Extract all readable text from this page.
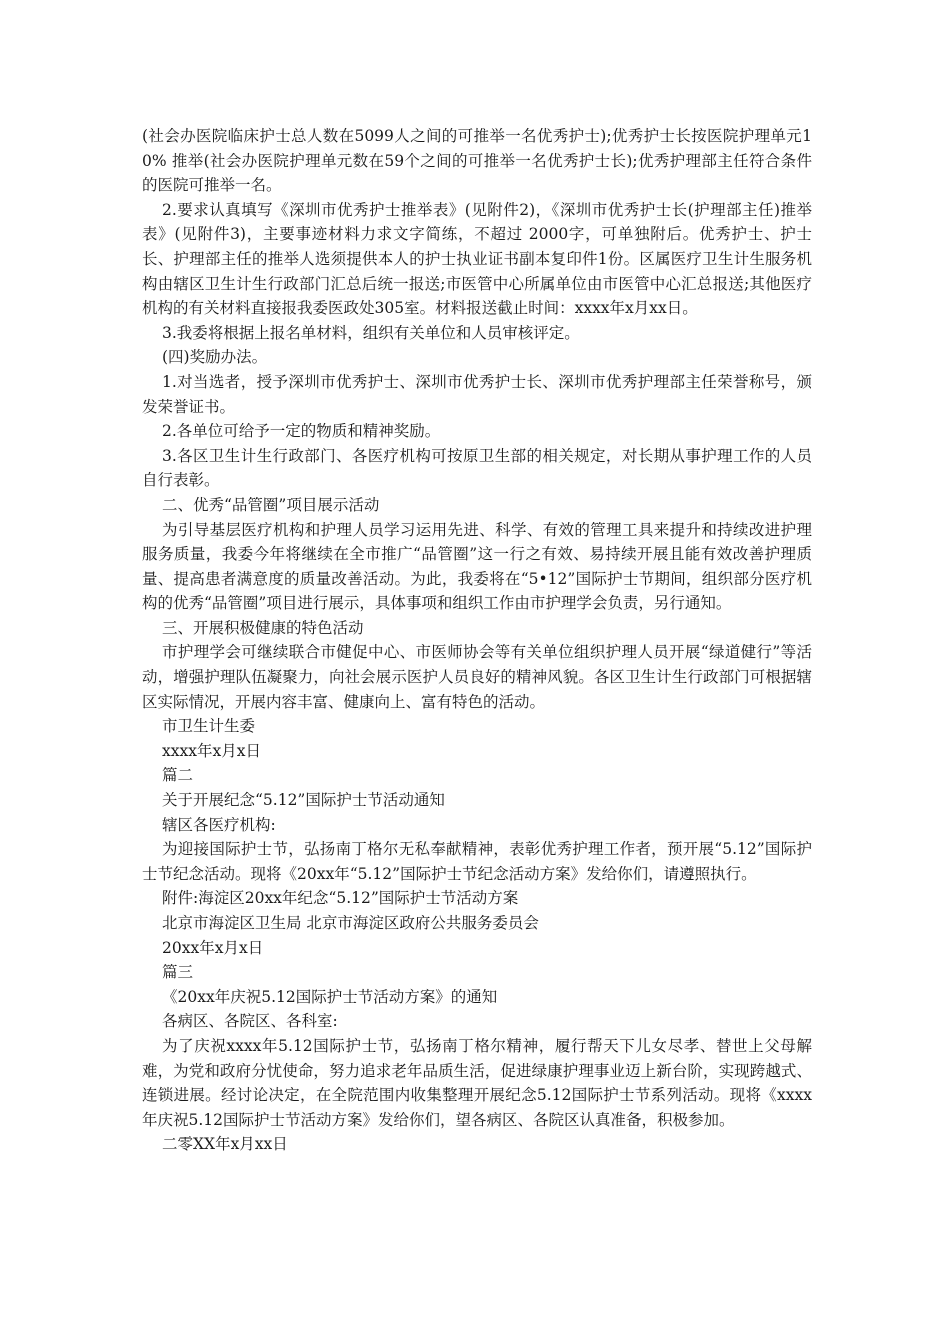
(社会办医院临床护士总人数在5099人之间的可推举一名优秀护士);优秀护士长按医院护理单元10% 推举(社会办医院护理单元数在59个之间的可推举一名优秀护士长);优秀护理部主任符合条件的医院可推举一名。

2.要求认真填写《深圳市优秀护士推举表》(见附件2)，《深圳市优秀护士长(护理部主任)推举表》(见附件3)，主要事迹材料力求文字简练，不超过 2000字，可单独附后。优秀护士、护士长、护理部主任的推举人选须提供本人的护士执业证书副本复印件1份。区属医疗卫生计生服务机构由辖区卫生计生行政部门汇总后统一报送;市医管中心所属单位由市医管中心汇总报送;其他医疗机构的有关材料直接报我委医政处305室。材料报送截止时间：xxxx年x月xx日。

3.我委将根据上报名单材料，组织有关单位和人员审核评定。

(四)奖励办法。

1.对当选者，授予深圳市优秀护士、深圳市优秀护士长、深圳市优秀护理部主任荣誉称号，颁发荣誉证书。

2.各单位可给予一定的物质和精神奖励。

3.各区卫生计生行政部门、各医疗机构可按原卫生部的相关规定，对长期从事护理工作的人员自行表彰。

二、优秀“品管圈”项目展示活动

为引导基层医疗机构和护理人员学习运用先进、科学、有效的管理工具来提升和持续改进护理服务质量，我委今年将继续在全市推广“品管圈”这一行之有效、易持续开展且能有效改善护理质量、提高患者满意度的质量改善活动。为此，我委将在“5•12”国际护士节期间，组织部分医疗机构的优秀“品管圈”项目进行展示，具体事项和组织工作由市护理学会负责，另行通知。

三、开展积极健康的特色活动

市护理学会可继续联合市健促中心、市医师协会等有关单位组织护理人员开展“绿道健行”等活动，增强护理队伍凝聚力，向社会展示医护人员良好的精神风貌。各区卫生计生行政部门可根据辖区实际情况，开展内容丰富、健康向上、富有特色的活动。

市卫生计生委

xxxx年x月x日

篇二

关于开展纪念“5.12”国际护士节活动通知

辖区各医疗机构:

为迎接国际护士节，弘扬南丁格尔无私奉献精神，表彰优秀护理工作者，预开展“5.12”国际护士节纪念活动。现将《20xx年“5.12”国际护士节纪念活动方案》发给你们，请遵照执行。

附件:海淀区20xx年纪念“5.12”国际护士节活动方案

北京市海淀区卫生局 北京市海淀区政府公共服务委员会

20xx年x月x日

篇三

《20xx年庆祝5.12国际护士节活动方案》的通知

各病区、各院区、各科室:

为了庆祝xxxx年5.12国际护士节，弘扬南丁格尔精神，履行帮天下儿女尽孝、替世上父母解难，为党和政府分忧使命，努力追求老年品质生活，促进绿康护理事业迈上新台阶，实现跨越式、连锁进展。经讨论决定，在全院范围内收集整理开展纪念5.12国际护士节系列活动。现将《xxxx年庆祝5.12国际护士节活动方案》发给你们，望各病区、各院区认真准备，积极参加。

二零XX年x月xx日
